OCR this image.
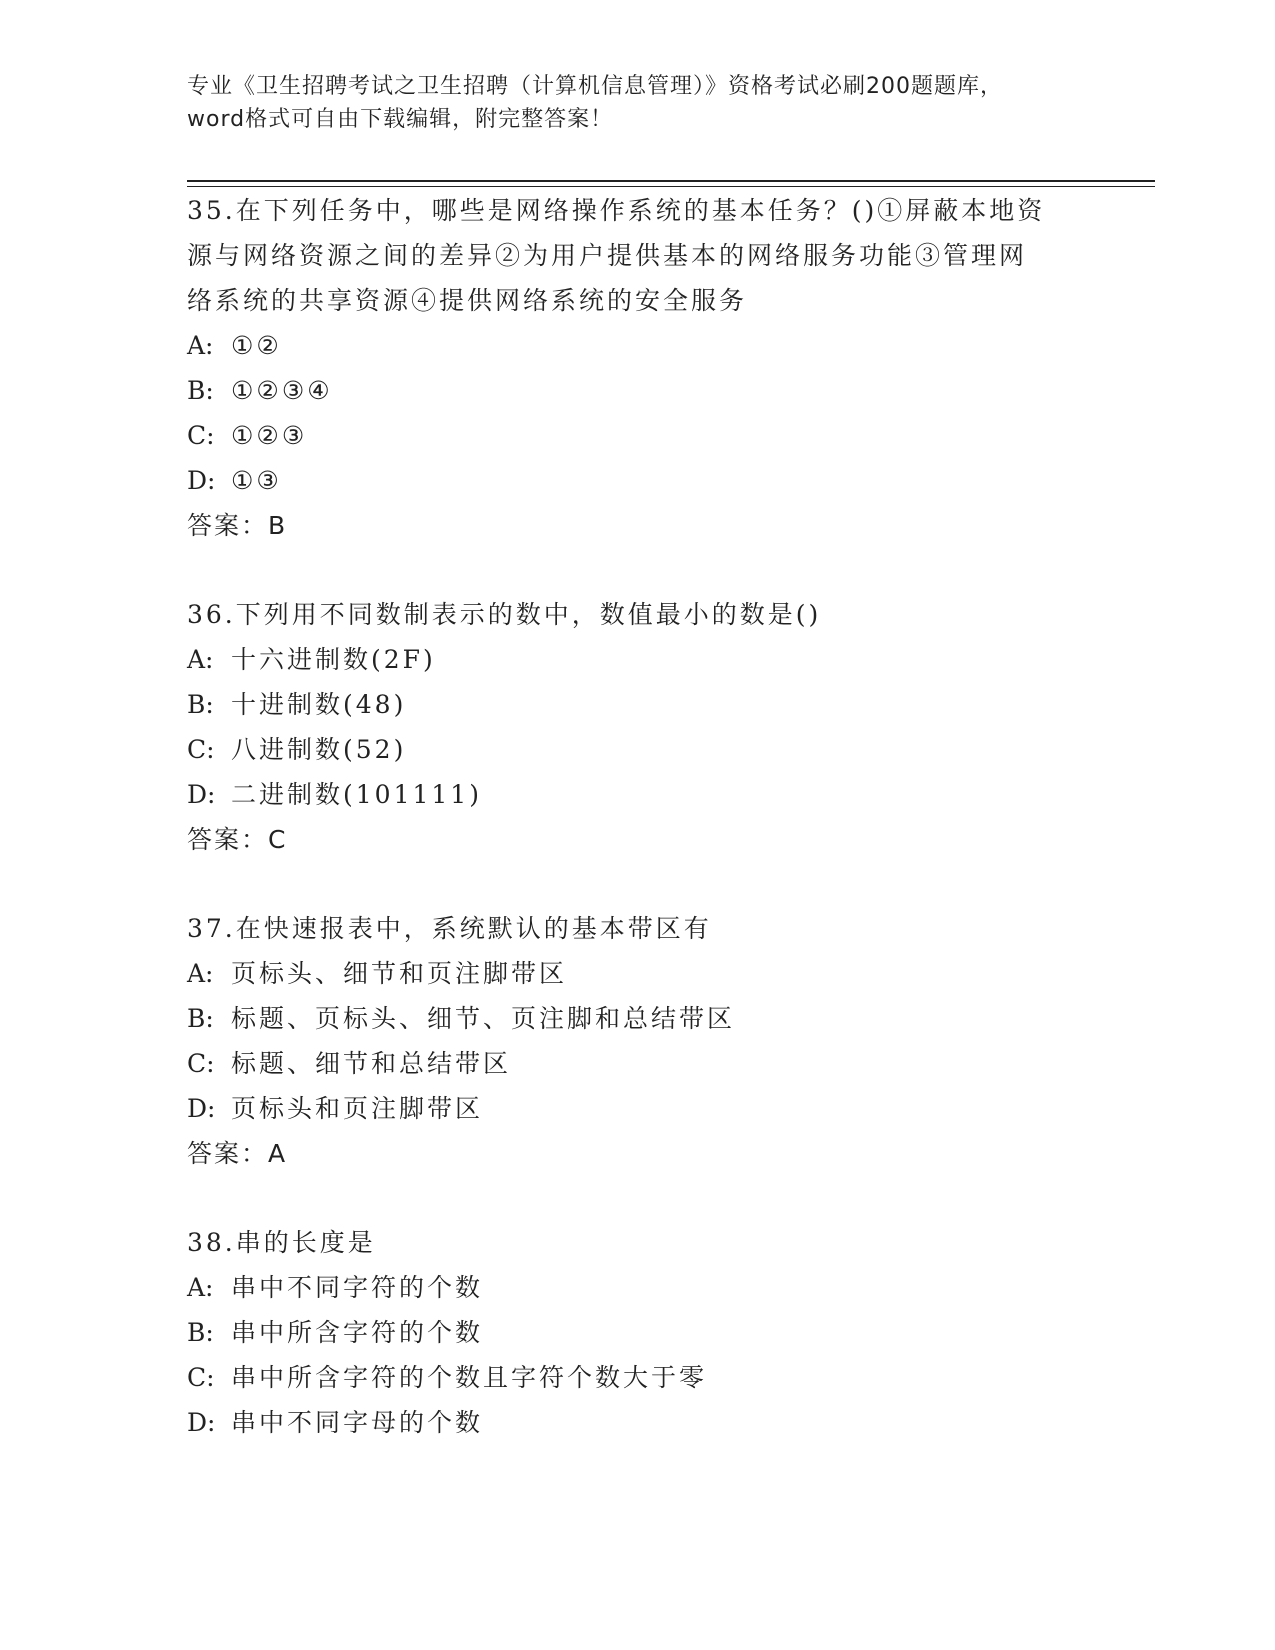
专业《卫生招聘考试之卫生招聘（计算机信息管理）》资格考试必刷200题题库，
word格式可自由下载编辑，附完整答案！
35.在下列任务中，哪些是网络操作系统的基本任务？()①屏蔽本地资
源与网络资源之间的差异②为用户提供基本的网络服务功能③管理网
络系统的共享资源④提供网络系统的安全服务
A: ①②
B: ①②③④
C: ①②③
D: ①③
答案：B
36.下列用不同数制表示的数中，数值最小的数是()
A: 十六进制数(2F)
B: 十进制数(48)
C: 八进制数(52)
D: 二进制数(101111)
答案：C
37.在快速报表中，系统默认的基本带区有
A: 页标头、细节和页注脚带区
B: 标题、页标头、细节、页注脚和总结带区
C: 标题、细节和总结带区
D: 页标头和页注脚带区
答案：A
38.串的长度是
A: 串中不同字符的个数
B: 串中所含字符的个数
C: 串中所含字符的个数且字符个数大于零
D: 串中不同字母的个数
